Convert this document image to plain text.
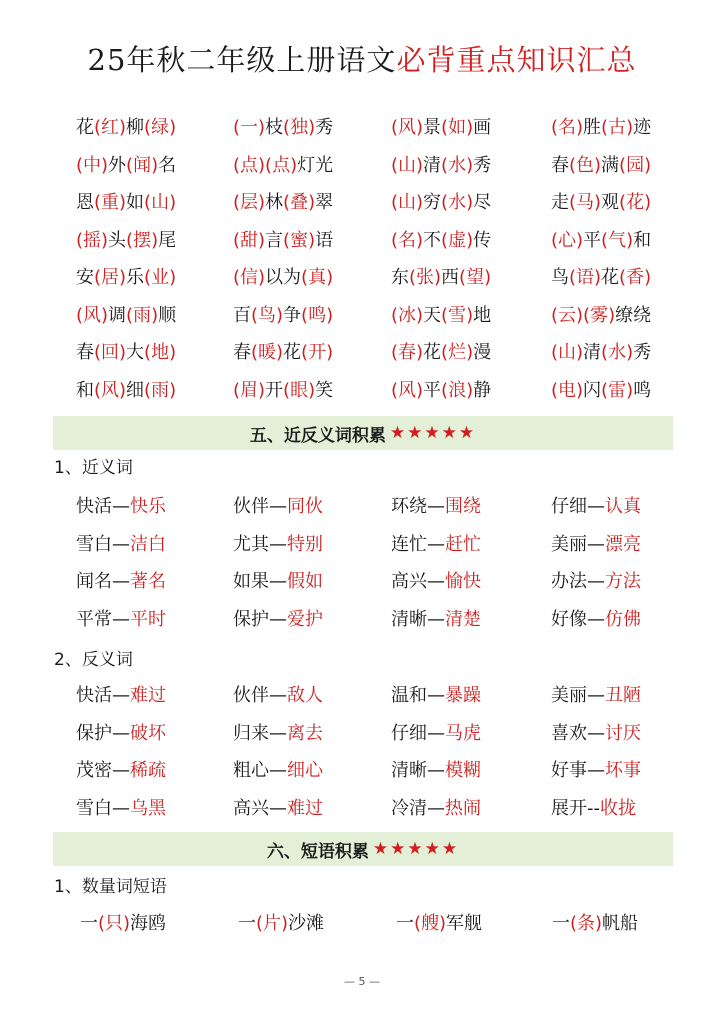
25年秋二年级上册语文 必背重点知识汇总
五、近反义词积累 ★★★★★
1、近义词
2、反义词
六、短语积累 ★★★★★
1、数量词短语
— 5 —
花(红)柳(绿)	(一)枝(独)秀	(风)景(如)画	(名)胜(古)迹
(中)外(闻)名	(点)(点)灯光	(山)清(水)秀	春(色)满(园)
恩(重)如(山)	(层)林(叠)翠	(山)穷(水)尽	走(马)观(花)
(摇)头(摆)尾	(甜)言(蜜)语	(名)不(虚)传	(心)平(气)和
安(居)乐(业)	(信)以为(真)	东(张)西(望)	鸟(语)花(香)
(风)调(雨)顺	百(鸟)争(鸣)	(冰)天(雪)地	(云)(雾)缭绕
春(回)大(地)	春(暖)花(开)	(春)花(烂)漫	(山)清(水)秀
和(风)细(雨)	(眉)开(眼)笑	(风)平(浪)静	(电)闪(雷)鸣
快活—快乐	伙伴—同伙	环绕—围绕	仔细—认真
雪白—洁白	尤其—特别	连忙—赶忙	美丽—漂亮
闻名—著名	如果—假如	高兴—愉快	办法—方法
平常—平时	保护—爱护	清晰—清楚	好像—仿佛
快活—难过	伙伴—敌人	温和—暴躁	美丽—丑陋
保护—破坏	归来—离去	仔细—马虎	喜欢—讨厌
茂密—稀疏	粗心—细心	清晰—模糊	好事—坏事
雪白—乌黑	高兴—难过	冷清—热闹	展开--收拢
一(只)海鸥	一(片)沙滩	一(艘)军舰	一(条)帆船
